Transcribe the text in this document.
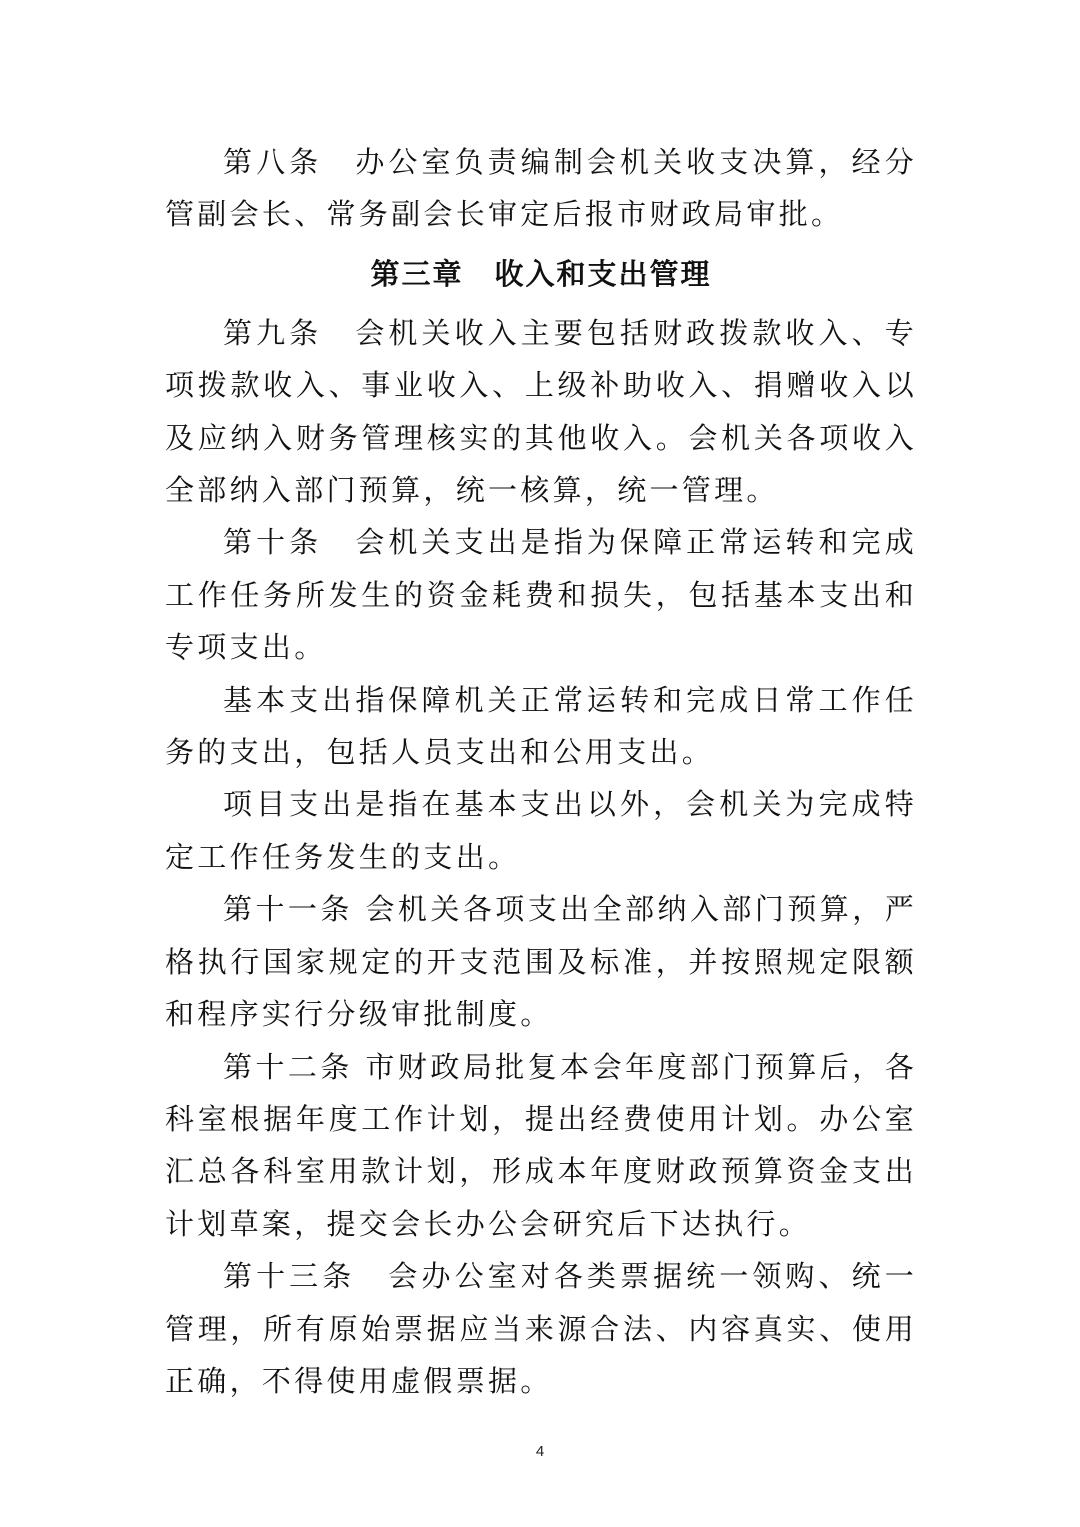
第八条　办公室负责编制会机关收支决算，经分管副会长、常务副会长审定后报市财政局审批。

第三章　收入和支出管理

第九条　会机关收入主要包括财政拨款收入、专项拨款收入、事业收入、上级补助收入、捐赠收入以及应纳入财务管理核实的其他收入。会机关各项收入全部纳入部门预算，统一核算，统一管理。

第十条　会机关支出是指为保障正常运转和完成工作任务所发生的资金耗费和损失，包括基本支出和专项支出。

基本支出指保障机关正常运转和完成日常工作任务的支出，包括人员支出和公用支出。

项目支出是指在基本支出以外，会机关为完成特定工作任务发生的支出。

第十一条 会机关各项支出全部纳入部门预算，严格执行国家规定的开支范围及标准，并按照规定限额和程序实行分级审批制度。

第十二条 市财政局批复本会年度部门预算后，各科室根据年度工作计划，提出经费使用计划。办公室汇总各科室用款计划，形成本年度财政预算资金支出计划草案，提交会长办公会研究后下达执行。

第十三条　会办公室对各类票据统一领购、统一管理，所有原始票据应当来源合法、内容真实、使用正确，不得使用虚假票据。

4
